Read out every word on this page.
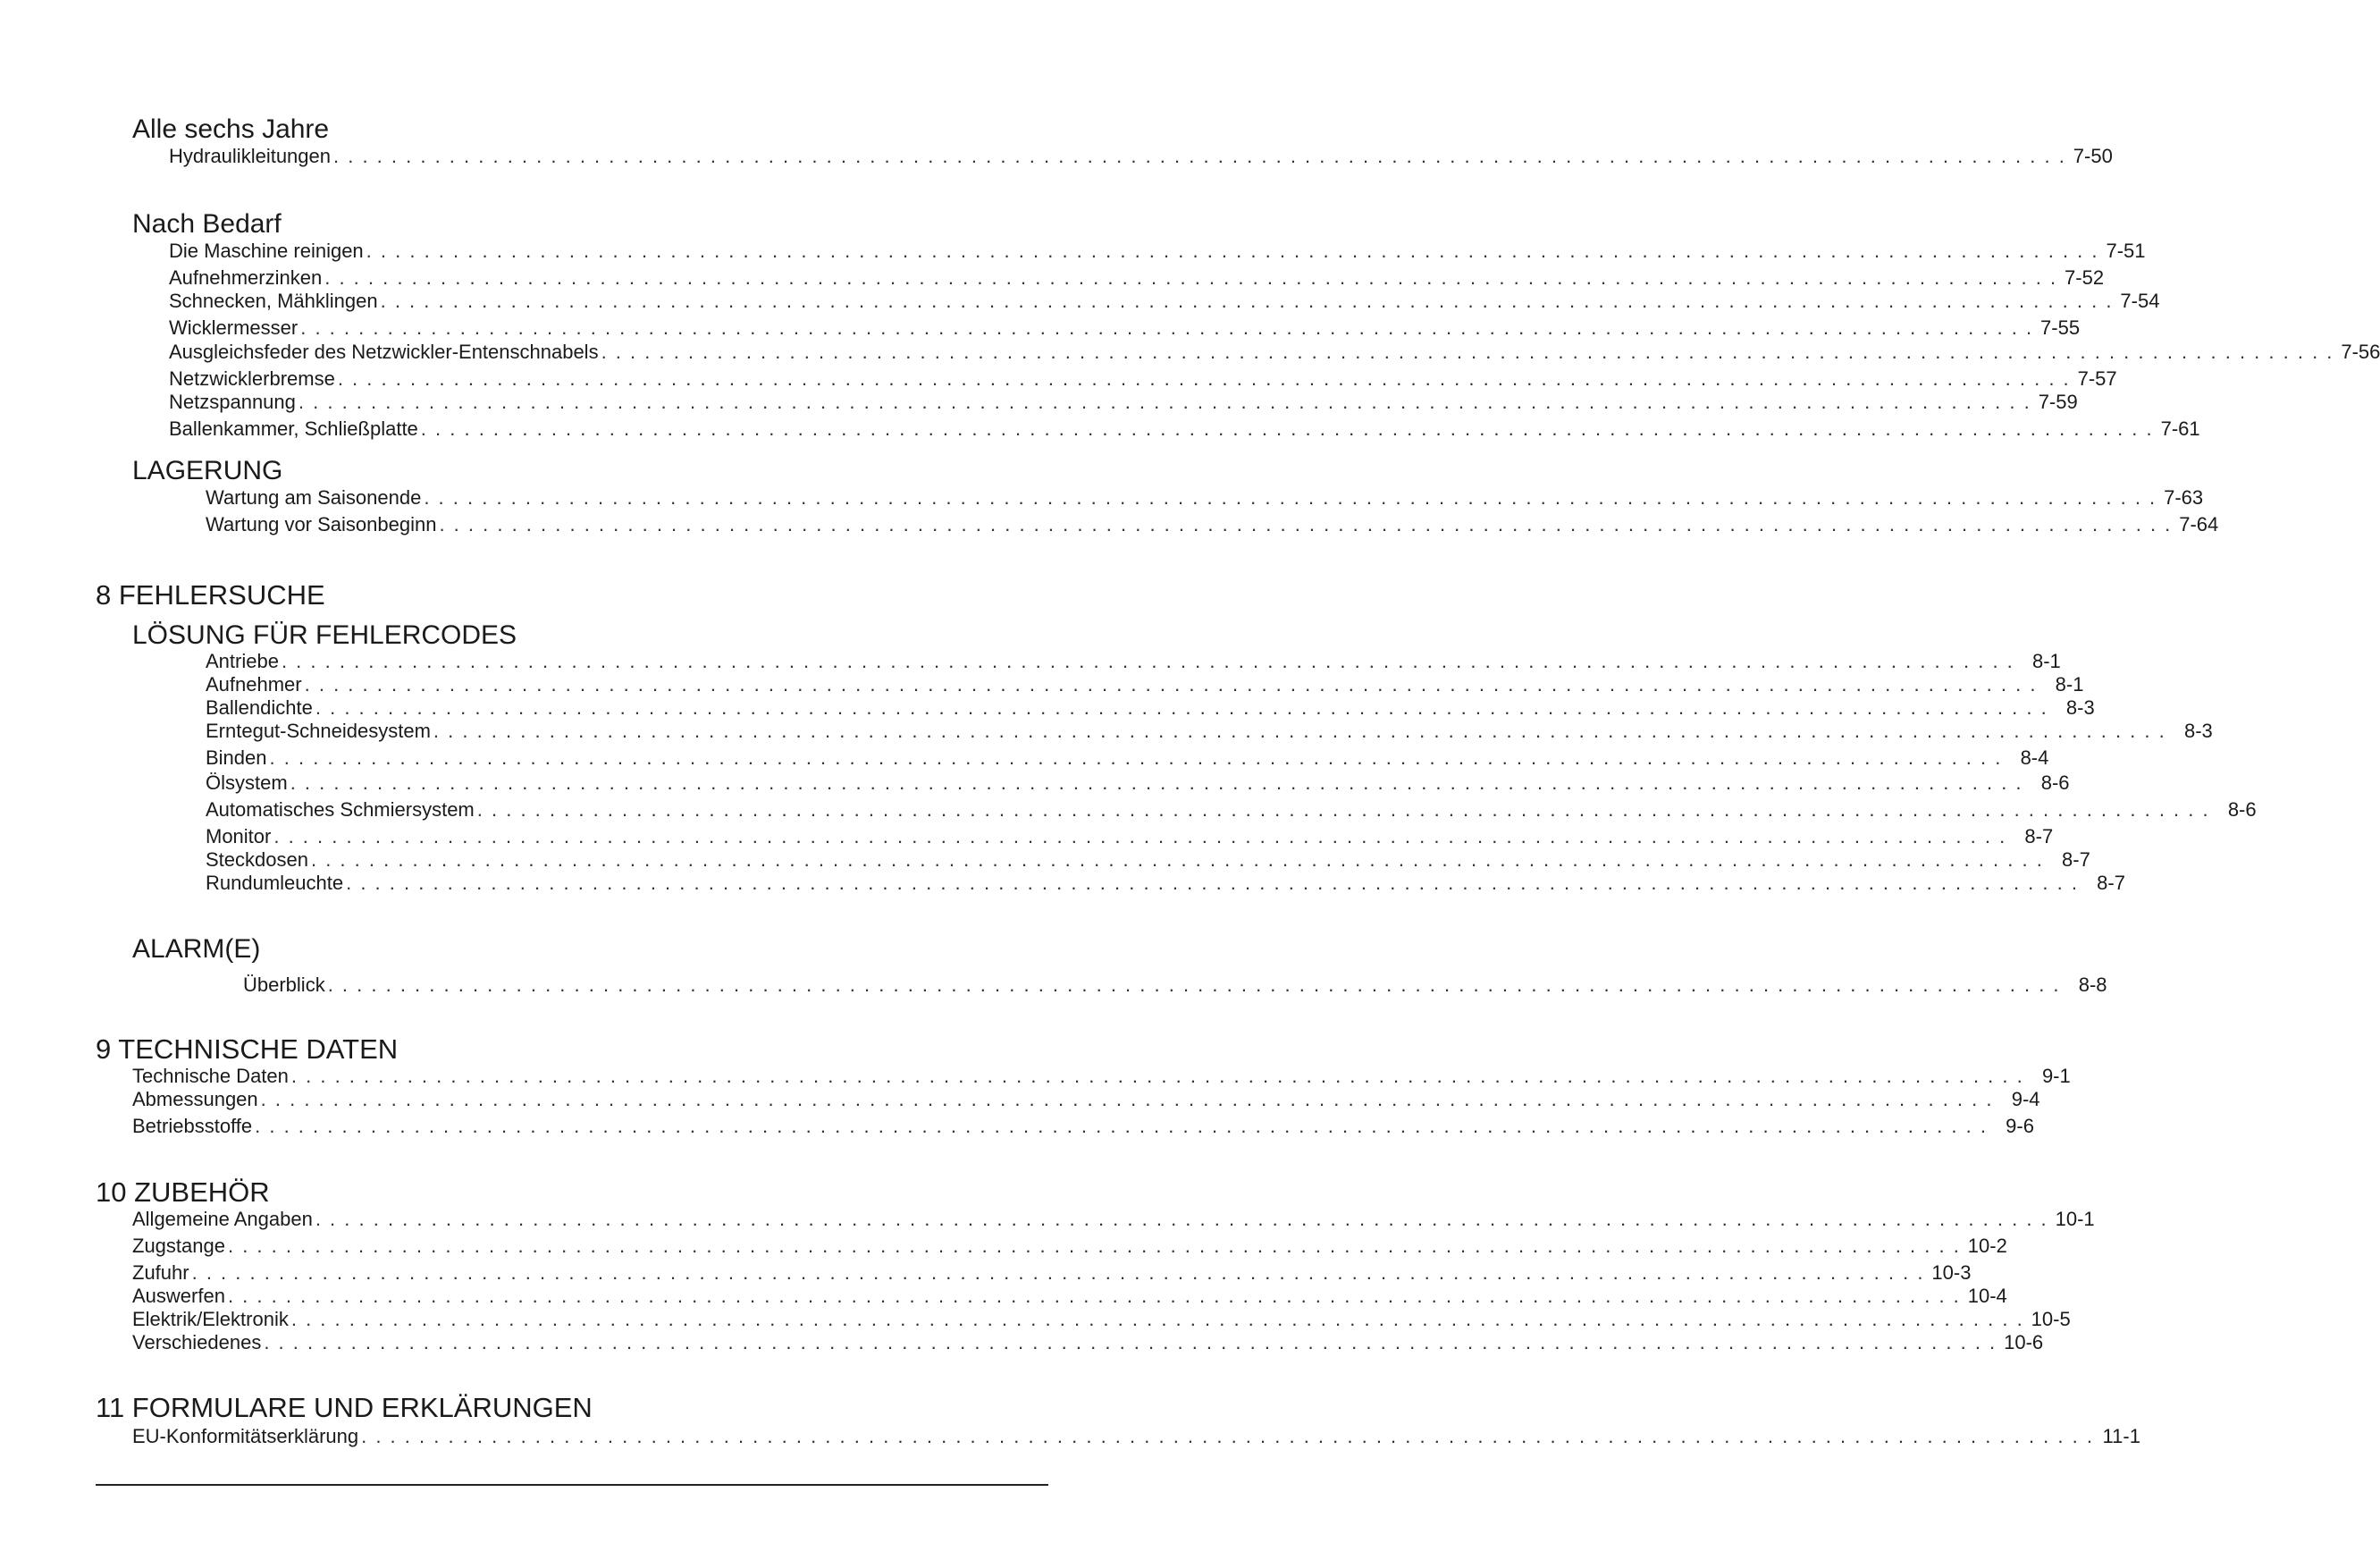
Alle sechs Jahre
Hydraulikleitungen . . . . . . . . . . . . . . . . . . . . . . . . . . . . . . . . . . . . . . . . . . . . . . . . . . . . . . . . . . . . . . . . . . . . . . . . . . . . . . . . . . . . . . . . . . . . . . . . . . . . . . . . . . . . . . . . . . . . . . . . 7-50
Nach Bedarf
Die Maschine reinigen . . . . . . . . . . . . . . . . . . . . . . . . . . . . . . . . . . . . . . . . . . . . . . . . . . . . . . . . . . . . . . . . . . . . . . . . . . . . . . . . . . . . . . . . . . . . . . . . . . . . . . . . . . . . . . . . . . . . . . . . 7-51
Aufnehmerzinken . . . . . . . . . . . . . . . . . . . . . . . . . . . . . . . . . . . . . . . . . . . . . . . . . . . . . . . . . . . . . . . . . . . . . . . . . . . . . . . . . . . . . . . . . . . . . . . . . . . . . . . . . . . . . . . . . . . . . . . . 7-52
Schnecken, Mähklingen . . . . . . . . . . . . . . . . . . . . . . . . . . . . . . . . . . . . . . . . . . . . . . . . . . . . . . . . . . . . . . . . . . . . . . . . . . . . . . . . . . . . . . . . . . . . . . . . . . . . . . . . . . . . . . . . . . . . . . . . 7-54
Wicklermesser . . . . . . . . . . . . . . . . . . . . . . . . . . . . . . . . . . . . . . . . . . . . . . . . . . . . . . . . . . . . . . . . . . . . . . . . . . . . . . . . . . . . . . . . . . . . . . . . . . . . . . . . . . . . . . . . . . . . . . . . 7-55
Ausgleichsfeder des Netzwickler-Entenschnabels . . . . . . . . . . . . . . . . . . . . . . . . . . . . . . . . . . . . . . . . . . . . . . . . . . . . . . . . . . . . . . . . . . . . . . . . . . . . . . . . . . . . . . . . . . . . . . . . . . . . . . . . . . . . . . . . . . . . . . . . 7-56
Netzwicklerbremse . . . . . . . . . . . . . . . . . . . . . . . . . . . . . . . . . . . . . . . . . . . . . . . . . . . . . . . . . . . . . . . . . . . . . . . . . . . . . . . . . . . . . . . . . . . . . . . . . . . . . . . . . . . . . . . . . . . . . . . . 7-57
Netzspannung . . . . . . . . . . . . . . . . . . . . . . . . . . . . . . . . . . . . . . . . . . . . . . . . . . . . . . . . . . . . . . . . . . . . . . . . . . . . . . . . . . . . . . . . . . . . . . . . . . . . . . . . . . . . . . . . . . . . . . . . 7-59
Ballenkammer, Schließplatte . . . . . . . . . . . . . . . . . . . . . . . . . . . . . . . . . . . . . . . . . . . . . . . . . . . . . . . . . . . . . . . . . . . . . . . . . . . . . . . . . . . . . . . . . . . . . . . . . . . . . . . . . . . . . . . . . . . . . . . . 7-61
LAGERUNG
Wartung am Saisonende . . . . . . . . . . . . . . . . . . . . . . . . . . . . . . . . . . . . . . . . . . . . . . . . . . . . . . . . . . . . . . . . . . . . . . . . . . . . . . . . . . . . . . . . . . . . . . . . . . . . . . . . . . . . . . . . . . . . . . . . 7-63
Wartung vor Saisonbeginn . . . . . . . . . . . . . . . . . . . . . . . . . . . . . . . . . . . . . . . . . . . . . . . . . . . . . . . . . . . . . . . . . . . . . . . . . . . . . . . . . . . . . . . . . . . . . . . . . . . . . . . . . . . . . . . . . . . . . . . . 7-64
8 FEHLERSUCHE
LÖSUNG FÜR FEHLERCODES
Antriebe . . . . . . . . . . . . . . . . . . . . . . . . . . . . . . . . . . . . . . . . . . . . . . . . . . . . . . . . . . . . . . . . . . . . . . . . . . . . . . . . . . . . . . . . . . . . . . . . . . . . . . . . . . . . . . . . . . . . . . . . 8-1
Aufnehmer . . . . . . . . . . . . . . . . . . . . . . . . . . . . . . . . . . . . . . . . . . . . . . . . . . . . . . . . . . . . . . . . . . . . . . . . . . . . . . . . . . . . . . . . . . . . . . . . . . . . . . . . . . . . . . . . . . . . . . . . 8-1
Ballendichte . . . . . . . . . . . . . . . . . . . . . . . . . . . . . . . . . . . . . . . . . . . . . . . . . . . . . . . . . . . . . . . . . . . . . . . . . . . . . . . . . . . . . . . . . . . . . . . . . . . . . . . . . . . . . . . . . . . . . . . . 8-3
Erntegut-Schneidesystem . . . . . . . . . . . . . . . . . . . . . . . . . . . . . . . . . . . . . . . . . . . . . . . . . . . . . . . . . . . . . . . . . . . . . . . . . . . . . . . . . . . . . . . . . . . . . . . . . . . . . . . . . . . . . . . . . . . . . . . . 8-3
Binden . . . . . . . . . . . . . . . . . . . . . . . . . . . . . . . . . . . . . . . . . . . . . . . . . . . . . . . . . . . . . . . . . . . . . . . . . . . . . . . . . . . . . . . . . . . . . . . . . . . . . . . . . . . . . . . . . . . . . . . . 8-4
Ölsystem . . . . . . . . . . . . . . . . . . . . . . . . . . . . . . . . . . . . . . . . . . . . . . . . . . . . . . . . . . . . . . . . . . . . . . . . . . . . . . . . . . . . . . . . . . . . . . . . . . . . . . . . . . . . . . . . . . . . . . . . 8-6
Automatisches Schmiersystem . . . . . . . . . . . . . . . . . . . . . . . . . . . . . . . . . . . . . . . . . . . . . . . . . . . . . . . . . . . . . . . . . . . . . . . . . . . . . . . . . . . . . . . . . . . . . . . . . . . . . . . . . . . . . . . . . . . . . . . . 8-6
Monitor . . . . . . . . . . . . . . . . . . . . . . . . . . . . . . . . . . . . . . . . . . . . . . . . . . . . . . . . . . . . . . . . . . . . . . . . . . . . . . . . . . . . . . . . . . . . . . . . . . . . . . . . . . . . . . . . . . . . . . . . 8-7
Steckdosen . . . . . . . . . . . . . . . . . . . . . . . . . . . . . . . . . . . . . . . . . . . . . . . . . . . . . . . . . . . . . . . . . . . . . . . . . . . . . . . . . . . . . . . . . . . . . . . . . . . . . . . . . . . . . . . . . . . . . . . . 8-7
Rundumleuchte . . . . . . . . . . . . . . . . . . . . . . . . . . . . . . . . . . . . . . . . . . . . . . . . . . . . . . . . . . . . . . . . . . . . . . . . . . . . . . . . . . . . . . . . . . . . . . . . . . . . . . . . . . . . . . . . . . . . . . . . 8-7
ALARM(E)
Überblick . . . . . . . . . . . . . . . . . . . . . . . . . . . . . . . . . . . . . . . . . . . . . . . . . . . . . . . . . . . . . . . . . . . . . . . . . . . . . . . . . . . . . . . . . . . . . . . . . . . . . . . . . . . . . . . . . . . . . . . . 8-8
9 TECHNISCHE DATEN
Technische Daten . . . . . . . . . . . . . . . . . . . . . . . . . . . . . . . . . . . . . . . . . . . . . . . . . . . . . . . . . . . . . . . . . . . . . . . . . . . . . . . . . . . . . . . . . . . . . . . . . . . . . . . . . . . . . . . . . . . . . . . . 9-1
Abmessungen . . . . . . . . . . . . . . . . . . . . . . . . . . . . . . . . . . . . . . . . . . . . . . . . . . . . . . . . . . . . . . . . . . . . . . . . . . . . . . . . . . . . . . . . . . . . . . . . . . . . . . . . . . . . . . . . . . . . . . . . 9-4
Betriebsstoffe . . . . . . . . . . . . . . . . . . . . . . . . . . . . . . . . . . . . . . . . . . . . . . . . . . . . . . . . . . . . . . . . . . . . . . . . . . . . . . . . . . . . . . . . . . . . . . . . . . . . . . . . . . . . . . . . . . . . . . . . 9-6
10 ZUBEHÖR
Allgemeine Angaben . . . . . . . . . . . . . . . . . . . . . . . . . . . . . . . . . . . . . . . . . . . . . . . . . . . . . . . . . . . . . . . . . . . . . . . . . . . . . . . . . . . . . . . . . . . . . . . . . . . . . . . . . . . . . . . . . . . . . . . . 10-1
Zugstange . . . . . . . . . . . . . . . . . . . . . . . . . . . . . . . . . . . . . . . . . . . . . . . . . . . . . . . . . . . . . . . . . . . . . . . . . . . . . . . . . . . . . . . . . . . . . . . . . . . . . . . . . . . . . . . . . . . . . . . . 10-2
Zufuhr . . . . . . . . . . . . . . . . . . . . . . . . . . . . . . . . . . . . . . . . . . . . . . . . . . . . . . . . . . . . . . . . . . . . . . . . . . . . . . . . . . . . . . . . . . . . . . . . . . . . . . . . . . . . . . . . . . . . . . . . 10-3
Auswerfen . . . . . . . . . . . . . . . . . . . . . . . . . . . . . . . . . . . . . . . . . . . . . . . . . . . . . . . . . . . . . . . . . . . . . . . . . . . . . . . . . . . . . . . . . . . . . . . . . . . . . . . . . . . . . . . . . . . . . . . . 10-4
Elektrik/Elektronik . . . . . . . . . . . . . . . . . . . . . . . . . . . . . . . . . . . . . . . . . . . . . . . . . . . . . . . . . . . . . . . . . . . . . . . . . . . . . . . . . . . . . . . . . . . . . . . . . . . . . . . . . . . . . . . . . . . . . . . . 10-5
Verschiedenes . . . . . . . . . . . . . . . . . . . . . . . . . . . . . . . . . . . . . . . . . . . . . . . . . . . . . . . . . . . . . . . . . . . . . . . . . . . . . . . . . . . . . . . . . . . . . . . . . . . . . . . . . . . . . . . . . . . . . . . . 10-6
11 FORMULARE UND ERKLÄRUNGEN
EU-Konformitätserklärung . . . . . . . . . . . . . . . . . . . . . . . . . . . . . . . . . . . . . . . . . . . . . . . . . . . . . . . . . . . . . . . . . . . . . . . . . . . . . . . . . . . . . . . . . . . . . . . . . . . . . . . . . . . . . . . . . . . . . . . . 11-1
